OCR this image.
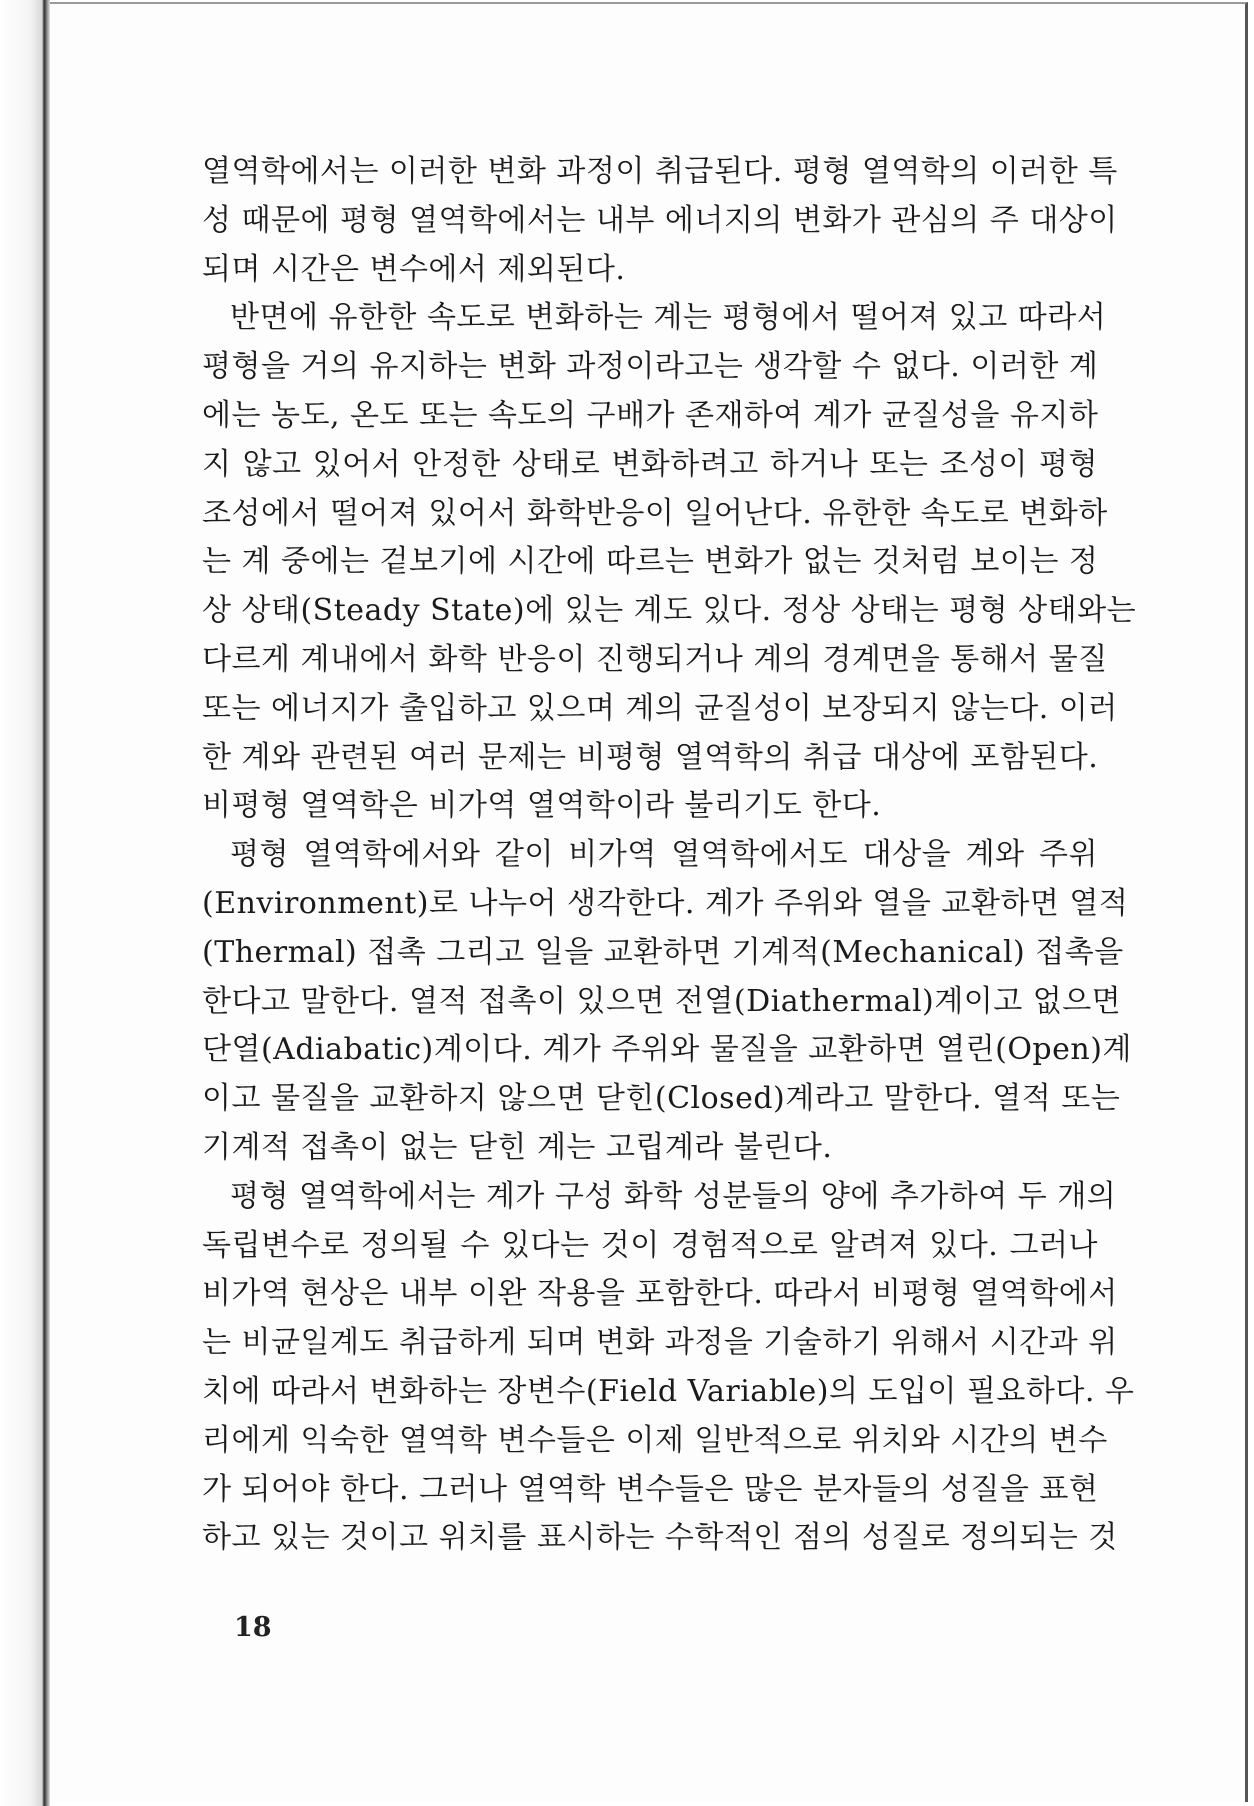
열역학에서는 이러한 변화 과정이 취급된다. 평형 열역학의 이러한 특
성 때문에 평형 열역학에서는 내부 에너지의 변화가 관심의 주 대상이
되며 시간은 변수에서 제외된다.
반면에 유한한 속도로 변화하는 계는 평형에서 떨어져 있고 따라서
평형을 거의 유지하는 변화 과정이라고는 생각할 수 없다. 이러한 계
에는 농도, 온도 또는 속도의 구배가 존재하여 계가 균질성을 유지하
지 않고 있어서 안정한 상태로 변화하려고 하거나 또는 조성이 평형
조성에서 떨어져 있어서 화학반응이 일어난다. 유한한 속도로 변화하
는 계 중에는 겉보기에 시간에 따르는 변화가 없는 것처럼 보이는 정
상 상태(Steady State)에 있는 계도 있다. 정상 상태는 평형 상태와는
다르게 계내에서 화학 반응이 진행되거나 계의 경계면을 통해서 물질
또는 에너지가 출입하고 있으며 계의 균질성이 보장되지 않는다. 이러
한 계와 관련된 여러 문제는 비평형 열역학의 취급 대상에 포함된다.
비평형 열역학은 비가역 열역학이라 불리기도 한다.
평형 열역학에서와 같이 비가역 열역학에서도 대상을 계와 주위
(Environment)로 나누어 생각한다. 계가 주위와 열을 교환하면 열적
(Thermal) 접촉 그리고 일을 교환하면 기계적(Mechanical) 접촉을
한다고 말한다. 열적 접촉이 있으면 전열(Diathermal)계이고 없으면
단열(Adiabatic)계이다. 계가 주위와 물질을 교환하면 열린(Open)계
이고 물질을 교환하지 않으면 닫힌(Closed)계라고 말한다. 열적 또는
기계적 접촉이 없는 닫힌 계는 고립계라 불린다.
평형 열역학에서는 계가 구성 화학 성분들의 양에 추가하여 두 개의
독립변수로 정의될 수 있다는 것이 경험적으로 알려져 있다. 그러나
비가역 현상은 내부 이완 작용을 포함한다. 따라서 비평형 열역학에서
는 비균일계도 취급하게 되며 변화 과정을 기술하기 위해서 시간과 위
치에 따라서 변화하는 장변수(Field Variable)의 도입이 필요하다. 우
리에게 익숙한 열역학 변수들은 이제 일반적으로 위치와 시간의 변수
가 되어야 한다. 그러나 열역학 변수들은 많은 분자들의 성질을 표현
하고 있는 것이고 위치를 표시하는 수학적인 점의 성질로 정의되는 것
18
